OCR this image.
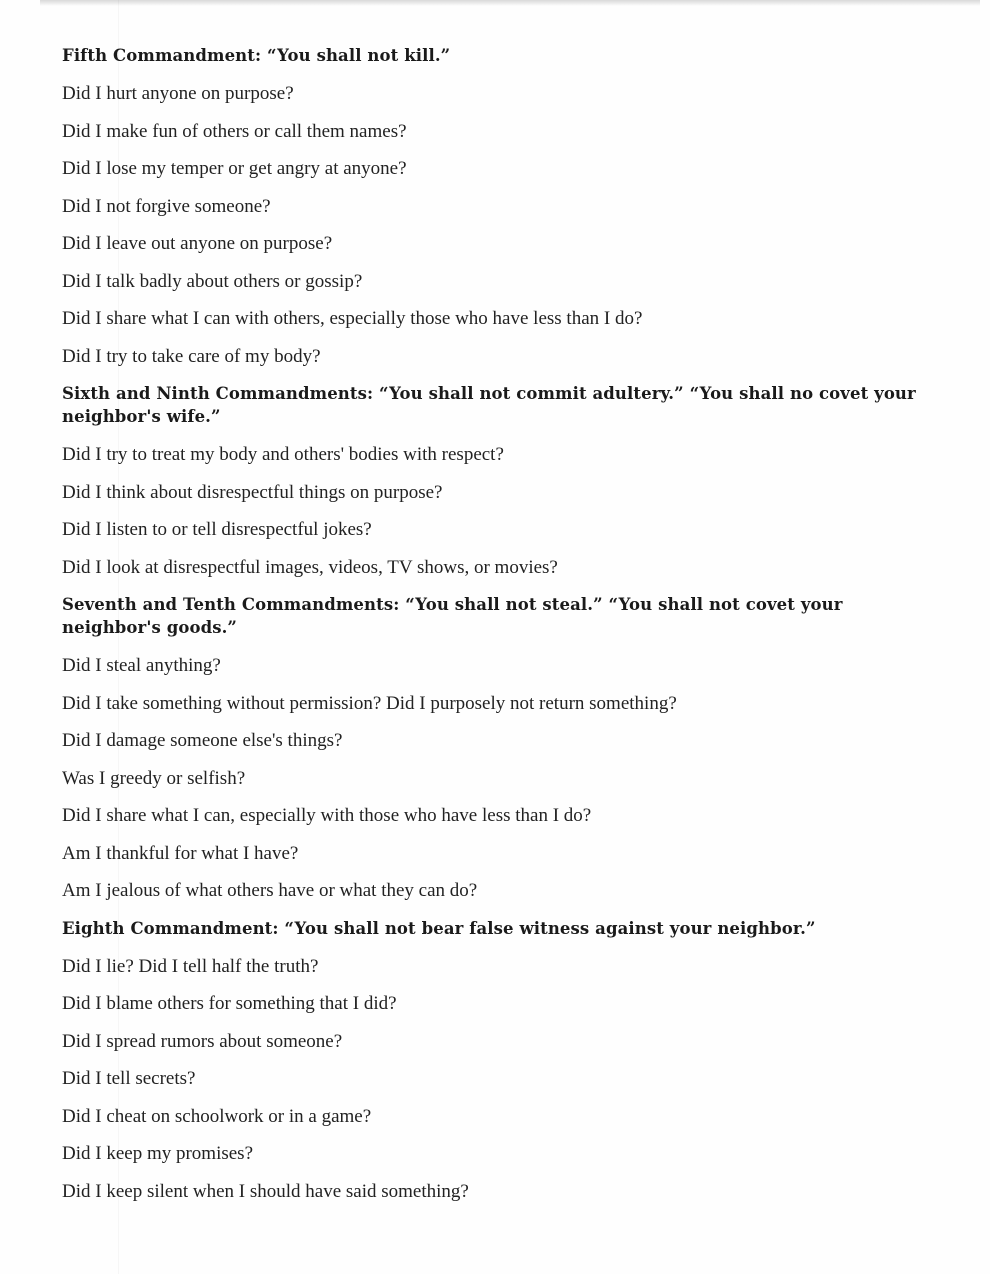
Fifth Commandment: “You shall not kill.”
Did I hurt anyone on purpose?
Did I make fun of others or call them names?
Did I lose my temper or get angry at anyone?
Did I not forgive someone?
Did I leave out anyone on purpose?
Did I talk badly about others or gossip?
Did I share what I can with others, especially those who have less than I do?
Did I try to take care of my body?
Sixth and Ninth Commandments: “You shall not commit adultery.” “You shall no covet your neighbor's wife.”
Did I try to treat my body and others' bodies with respect?
Did I think about disrespectful things on purpose?
Did I listen to or tell disrespectful jokes?
Did I look at disrespectful images, videos, TV shows, or movies?
Seventh and Tenth Commandments: “You shall not steal.” “You shall not covet your neighbor's goods.”
Did I steal anything?
Did I take something without permission? Did I purposely not return something?
Did I damage someone else's things?
Was I greedy or selfish?
Did I share what I can, especially with those who have less than I do?
Am I thankful for what I have?
Am I jealous of what others have or what they can do?
Eighth Commandment: “You shall not bear false witness against your neighbor.”
Did I lie? Did I tell half the truth?
Did I blame others for something that I did?
Did I spread rumors about someone?
Did I tell secrets?
Did I cheat on schoolwork or in a game?
Did I keep my promises?
Did I keep silent when I should have said something?
